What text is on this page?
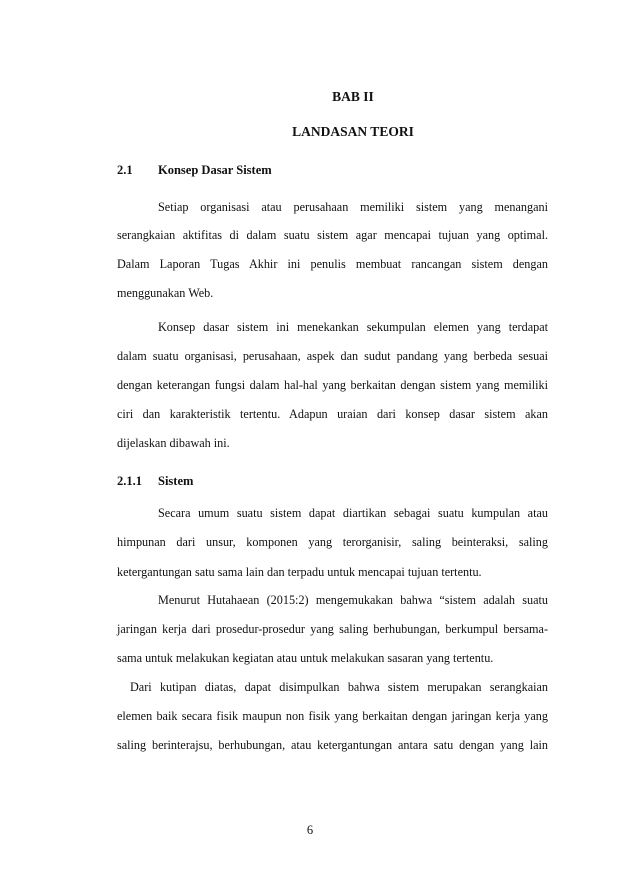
BAB II
LANDASAN TEORI
2.1 Konsep Dasar Sistem
Setiap organisasi atau perusahaan memiliki sistem yang menangani
serangkaian aktifitas di dalam suatu sistem agar mencapai tujuan yang optimal.
Dalam Laporan Tugas Akhir ini penulis membuat rancangan sistem dengan
menggunakan Web.
Konsep dasar sistem ini menekankan sekumpulan elemen yang terdapat
dalam suatu organisasi, perusahaan, aspek dan sudut pandang yang berbeda sesuai
dengan keterangan fungsi dalam hal-hal yang berkaitan dengan sistem yang memiliki
ciri dan karakteristik tertentu. Adapun uraian dari konsep dasar sistem akan
dijelaskan dibawah ini.
2.1.1 Sistem
Secara umum suatu sistem dapat diartikan sebagai suatu kumpulan atau
himpunan dari unsur, komponen yang terorganisir, saling beinteraksi, saling
ketergantungan satu sama lain dan terpadu untuk mencapai tujuan tertentu.
Menurut Hutahaean (2015:2) mengemukakan bahwa “sistem adalah suatu
jaringan kerja dari prosedur-prosedur yang saling berhubungan, berkumpul bersama-
sama untuk melakukan kegiatan atau untuk melakukan sasaran yang tertentu.
Dari kutipan diatas, dapat disimpulkan bahwa sistem merupakan serangkaian
elemen baik secara fisik maupun non fisik yang berkaitan dengan jaringan kerja yang
saling berinterajsu, berhubungan, atau ketergantungan antara satu dengan yang lain
6
